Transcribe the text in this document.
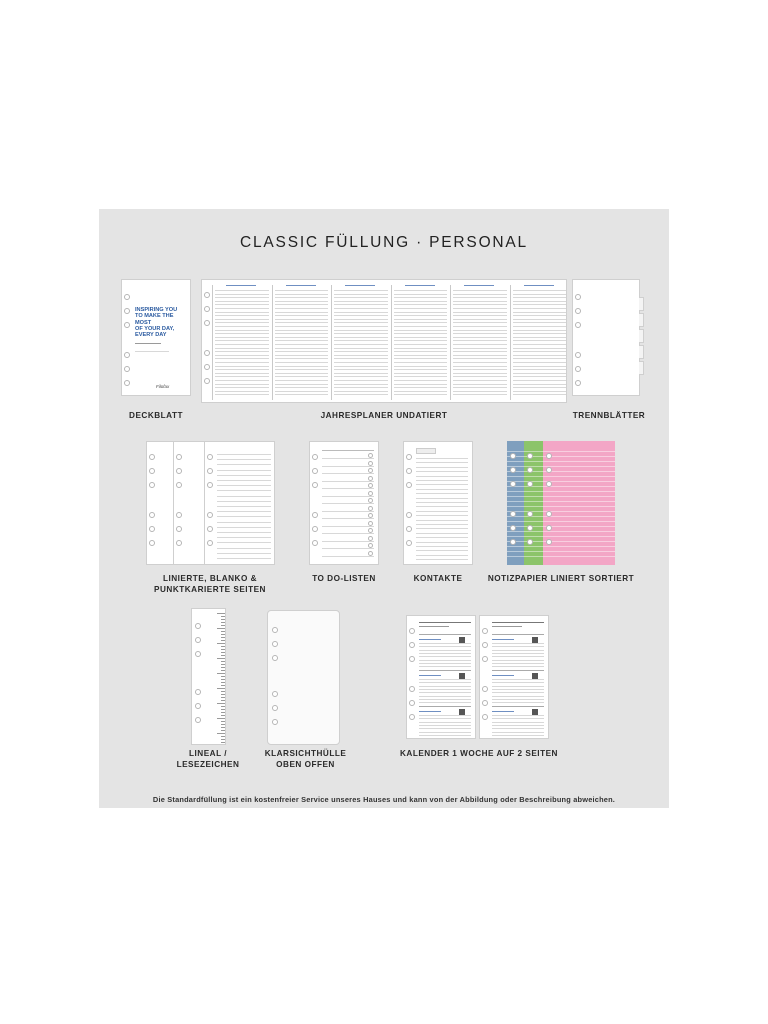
CLASSIC FÜLLUNG · PERSONAL
INSPIRING YOU
TO MAKE THE MOST
OF YOUR DAY,
EVERY DAY
Filofax
DECKBLATT	JAHRESPLANER UNDATIERT	TRENNBLÄTTER
LINIERTE, BLANKO &
PUNKTKARIERTE SEITEN
TO DO-LISTEN	KONTAKTE	NOTIZPAPIER LINIERT SORTIERT
LINEAL /
LESEZEICHEN
KLARSICHTHÜLLE
OBEN OFFEN
KALENDER 1 WOCHE AUF 2 SEITEN
Die Standardfüllung ist ein kostenfreier Service unseres Hauses und kann von der Abbildung oder Beschreibung abweichen.
